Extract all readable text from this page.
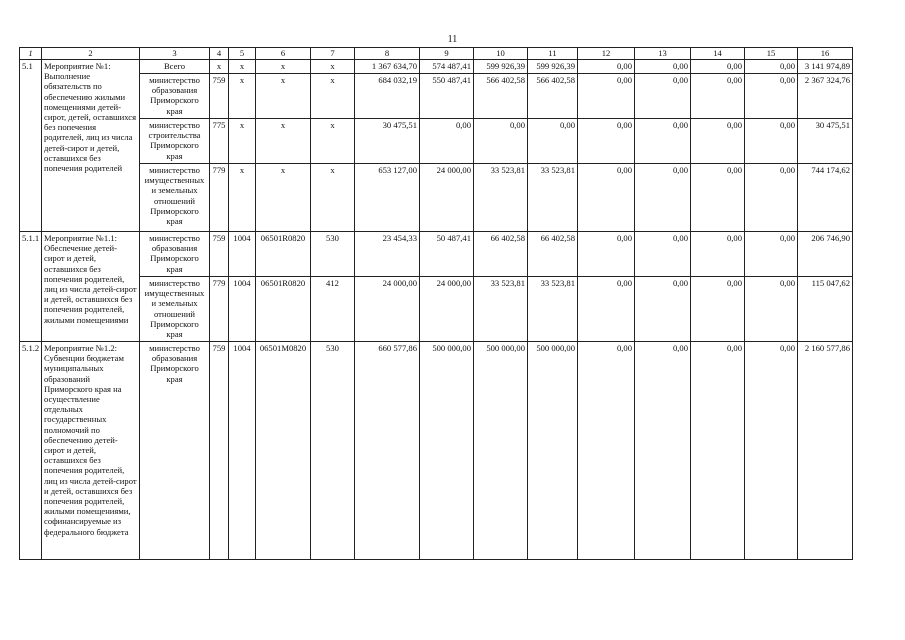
11
1	2	3	4	5	6	7	8	9	10	11	12	13	14	15	16
5.1	Мероприятие №1: Выполнение обязательств по обеспечению жилыми помещениями детей-сирот, детей, оставшихся без попечения родителей, лиц из числа детей-сирот и детей, оставшихся без попечения родителей	Всего	x	x	x	x	1 367 634,70	574 487,41	599 926,39	599 926,39	0,00	0,00	0,00	0,00	3 141 974,89
		министерство образования Приморского края	759	x	x	x	684 032,19	550 487,41	566 402,58	566 402,58	0,00	0,00	0,00	0,00	2 367 324,76
		министерство строительства Приморского края	775	x	x	x	30 475,51	0,00	0,00	0,00	0,00	0,00	0,00	0,00	30 475,51
		министерство имущественных и земельных отношений Приморского края	779	x	x	x	653 127,00	24 000,00	33 523,81	33 523,81	0,00	0,00	0,00	0,00	744 174,62
5.1.1	Мероприятие №1.1: Обеспечение детей-сирот и детей, оставшихся без попечения родителей, лиц из числа детей-сирот и детей, оставшихся без попечения родителей, жилыми помещениями	министерство образования Приморского края	759	1004	06501R0820	530	23 454,33	50 487,41	66 402,58	66 402,58	0,00	0,00	0,00	0,00	206 746,90
		министерство имущественных и земельных отношений Приморского края	779	1004	06501R0820	412	24 000,00	24 000,00	33 523,81	33 523,81	0,00	0,00	0,00	0,00	115 047,62
5.1.2	Мероприятие №1.2: Субвенции бюджетам муниципальных образований Приморского края на осуществление отдельных государственных полномочий по обеспечению детей-сирот и детей, оставшихся без попечения родителей, лиц из числа детей-сирот и детей, оставшихся без попечения родителей, жилыми помещениями, софинансируемые из федерального бюджета	министерство образования Приморского края	759	1004	06501M0820	530	660 577,86	500 000,00	500 000,00	500 000,00	0,00	0,00	0,00	0,00	2 160 577,86
